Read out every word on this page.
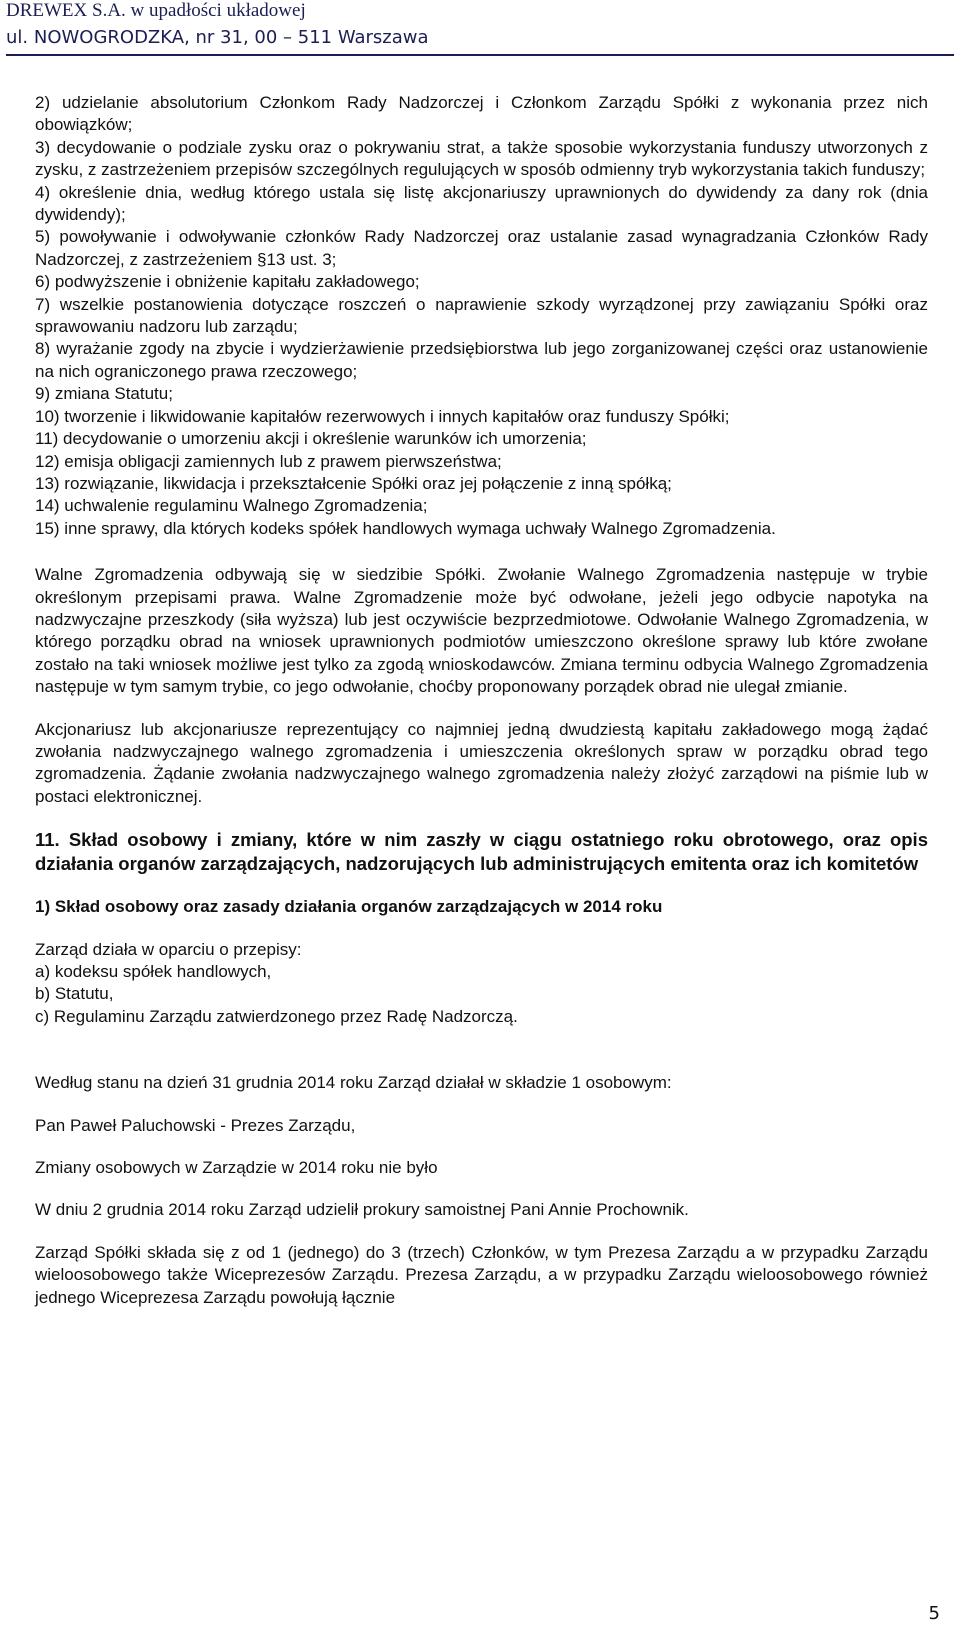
DREWEX S.A. w upadłości układowej
ul. NOWOGRODZKA, nr 31, 00 – 511 Warszawa

2) udzielanie absolutorium Członkom Rady Nadzorczej i Członkom Zarządu Spółki z wykonania przez nich obowiązków;

3) decydowanie o podziale zysku oraz o pokrywaniu strat, a także sposobie wykorzystania funduszy utworzonych z zysku, z zastrzeżeniem przepisów szczególnych regulujących w sposób odmienny tryb wykorzystania takich funduszy;

4) określenie dnia, według którego ustala się listę akcjonariuszy uprawnionych do dywidendy za dany rok (dnia dywidendy);

5) powoływanie i odwoływanie członków Rady Nadzorczej oraz ustalanie zasad wynagradzania Członków Rady Nadzorczej, z zastrzeżeniem §13 ust. 3;

6) podwyższenie i obniżenie kapitału zakładowego;

7) wszelkie postanowienia dotyczące roszczeń o naprawienie szkody wyrządzonej przy zawiązaniu Spółki oraz sprawowaniu nadzoru lub zarządu;

8) wyrażanie zgody na zbycie i wydzierżawienie przedsiębiorstwa lub jego zorganizowanej części oraz ustanowienie na nich ograniczonego prawa rzeczowego;

9) zmiana Statutu;

10) tworzenie i likwidowanie kapitałów rezerwowych i innych kapitałów oraz funduszy Spółki;

11) decydowanie o umorzeniu akcji i określenie warunków ich umorzenia;

12) emisja obligacji zamiennych lub z prawem pierwszeństwa;

13) rozwiązanie, likwidacja i przekształcenie Spółki oraz jej połączenie z inną spółką;

14) uchwalenie regulaminu Walnego Zgromadzenia;

15) inne sprawy, dla których kodeks spółek handlowych wymaga uchwały Walnego Zgromadzenia.

Walne Zgromadzenia odbywają się w siedzibie Spółki. Zwołanie Walnego Zgromadzenia następuje w trybie określonym przepisami prawa. Walne Zgromadzenie może być odwołane, jeżeli jego odbycie napotyka na nadzwyczajne przeszkody (siła wyższa) lub jest oczywiście bezprzedmiotowe. Odwołanie Walnego Zgromadzenia, w którego porządku obrad na wniosek uprawnionych podmiotów umieszczono określone sprawy lub które zwołane zostało na taki wniosek możliwe jest tylko za zgodą wnioskodawców. Zmiana terminu odbycia Walnego Zgromadzenia następuje w tym samym trybie, co jego odwołanie, choćby proponowany porządek obrad nie ulegał zmianie.

Akcjonariusz lub akcjonariusze reprezentujący co najmniej jedną dwudziestą kapitału zakładowego mogą żądać zwołania nadzwyczajnego walnego zgromadzenia i umieszczenia określonych spraw w porządku obrad tego zgromadzenia. Żądanie zwołania nadzwyczajnego walnego zgromadzenia należy złożyć zarządowi na piśmie lub w postaci elektronicznej.

11. Skład osobowy i zmiany, które w nim zaszły w ciągu ostatniego roku obrotowego, oraz opis działania organów zarządzających, nadzorujących lub administrujących emitenta oraz ich komitetów

1) Skład osobowy oraz zasady działania organów zarządzających w 2014 roku

Zarząd działa w oparciu o przepisy:

a) kodeksu spółek handlowych,

b) Statutu,

c) Regulaminu Zarządu zatwierdzonego przez Radę Nadzorczą.

Według stanu na dzień 31 grudnia 2014 roku Zarząd działał w składzie 1 osobowym:

Pan Paweł Paluchowski - Prezes Zarządu,

Zmiany osobowych w Zarządzie w 2014 roku nie było

W dniu 2 grudnia 2014 roku Zarząd udzielił prokury samoistnej Pani Annie Prochownik.

Zarząd Spółki składa się z od 1 (jednego) do 3 (trzech) Członków, w tym Prezesa Zarządu a w przypadku Zarządu wieloosobowego także Wiceprezesów Zarządu. Prezesa Zarządu, a w przypadku Zarządu wieloosobowego również jednego Wiceprezesa Zarządu powołują łącznie

5
